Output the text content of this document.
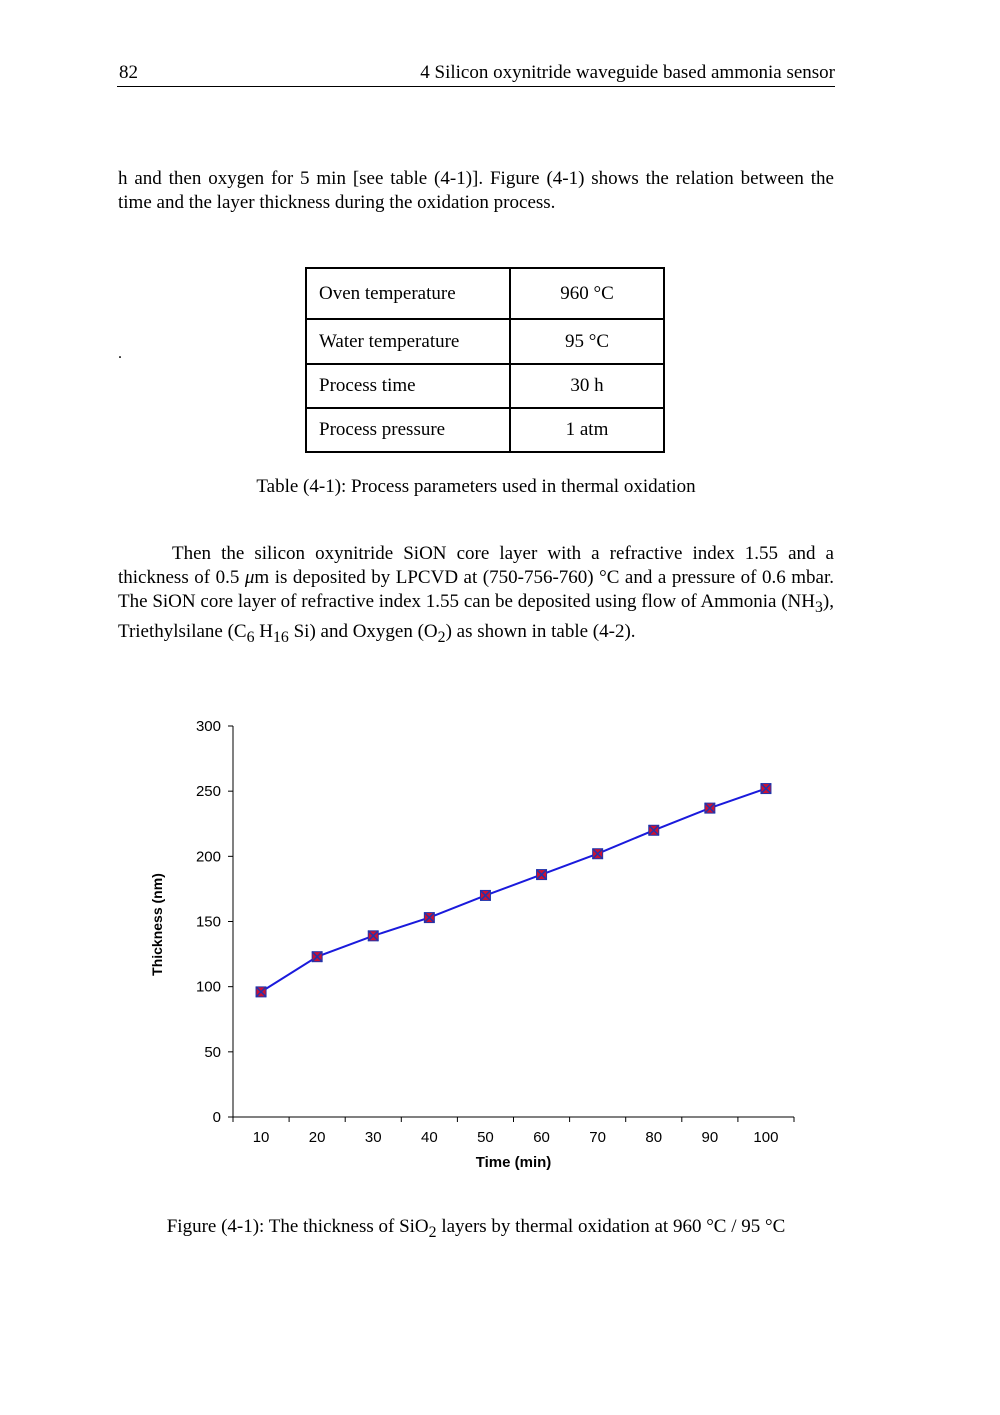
82	4 Silicon oxynitride waveguide based ammonia sensor

h and then oxygen for 5 min [see table (4-1)]. Figure (4-1) shows the relation between the time and the layer thickness during the oxidation process.

.
Oven temperature	960 °C
Water temperature	95 °C
Process time	30 h
Process pressure	1 atm
Table (4-1): Process parameters used in thermal oxidation

Then the silicon oxynitride SiON core layer with a refractive index 1.55 and a thickness of 0.5 μm is deposited by LPCVD at (750-756-760) °C and a pressure of 0.6 mbar. The SiON core layer of refractive index 1.55 can be deposited using flow of Ammonia $(NH_3)$, Triethylsilane ($C_6$ $H_{16}$ Si) and Oxygen $(O_2)$ as shown in table (4-2).

0
50
100
150
200
250
300
10	20	30	40	50	60	70	80	90 100
Time (min)
Thickness (nm)
Figure (4-1): The thickness of SiO$_2$ layers by thermal oxidation at 960 °C / 95 °C
